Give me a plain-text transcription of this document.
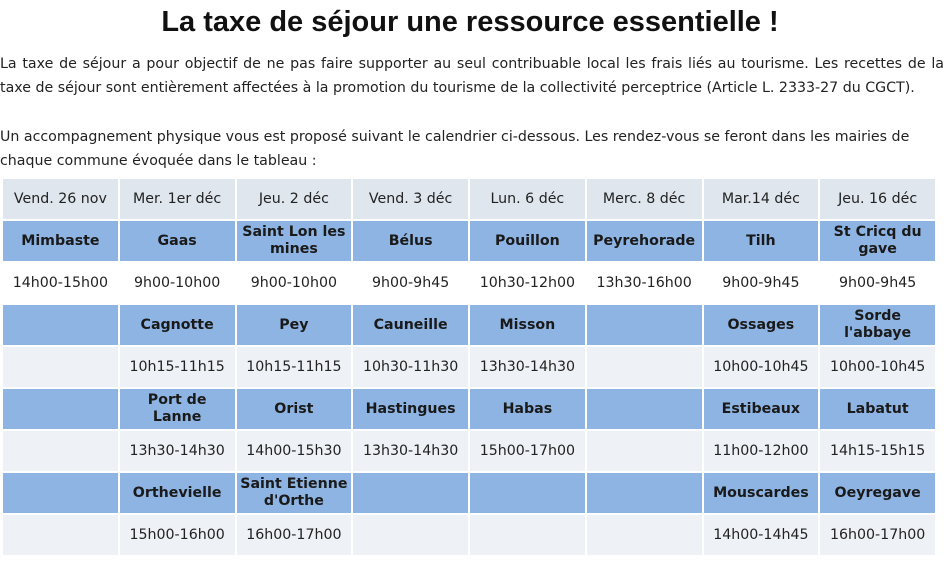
La taxe de séjour une ressource essentielle !

La taxe de séjour a pour objectif de ne pas faire supporter au seul contribuable local les frais liés au tourisme. Les recettes de la taxe de séjour sont entièrement affectées à la promotion du tourisme de la collectivité perceptrice (Article L. 2333-27 du CGCT).

Un accompagnement physique vous est proposé suivant le calendrier ci-dessous. Les rendez-vous se feront dans les mairies de chaque commune évoquée dans le tableau :

Vend. 26 nov	Mer. 1er déc	Jeu. 2 déc	Vend. 3 déc	Lun. 6 déc	Merc. 8 déc	Mar.14 déc	Jeu. 16 déc
Mimbaste	Gaas	Saint Lon les mines	Bélus	Pouillon	Peyrehorade	Tilh	St Cricq du gave
14h00-15h00	9h00-10h00	9h00-10h00	9h00-9h45	10h30-12h00	13h30-16h00	9h00-9h45	9h00-9h45
	Cagnotte	Pey	Cauneille	Misson		Ossages	Sorde l'abbaye
	10h15-11h15	10h15-11h15	10h30-11h30	13h30-14h30		10h00-10h45	10h00-10h45
	Port de Lanne	Orist	Hastingues	Habas		Estibeaux	Labatut
	13h30-14h30	14h00-15h30	13h30-14h30	15h00-17h00		11h00-12h00	14h15-15h15
	Orthevielle	Saint Etienne d'Orthe				Mouscardes	Oeyregave
	15h00-16h00	16h00-17h00				14h00-14h45	16h00-17h00
